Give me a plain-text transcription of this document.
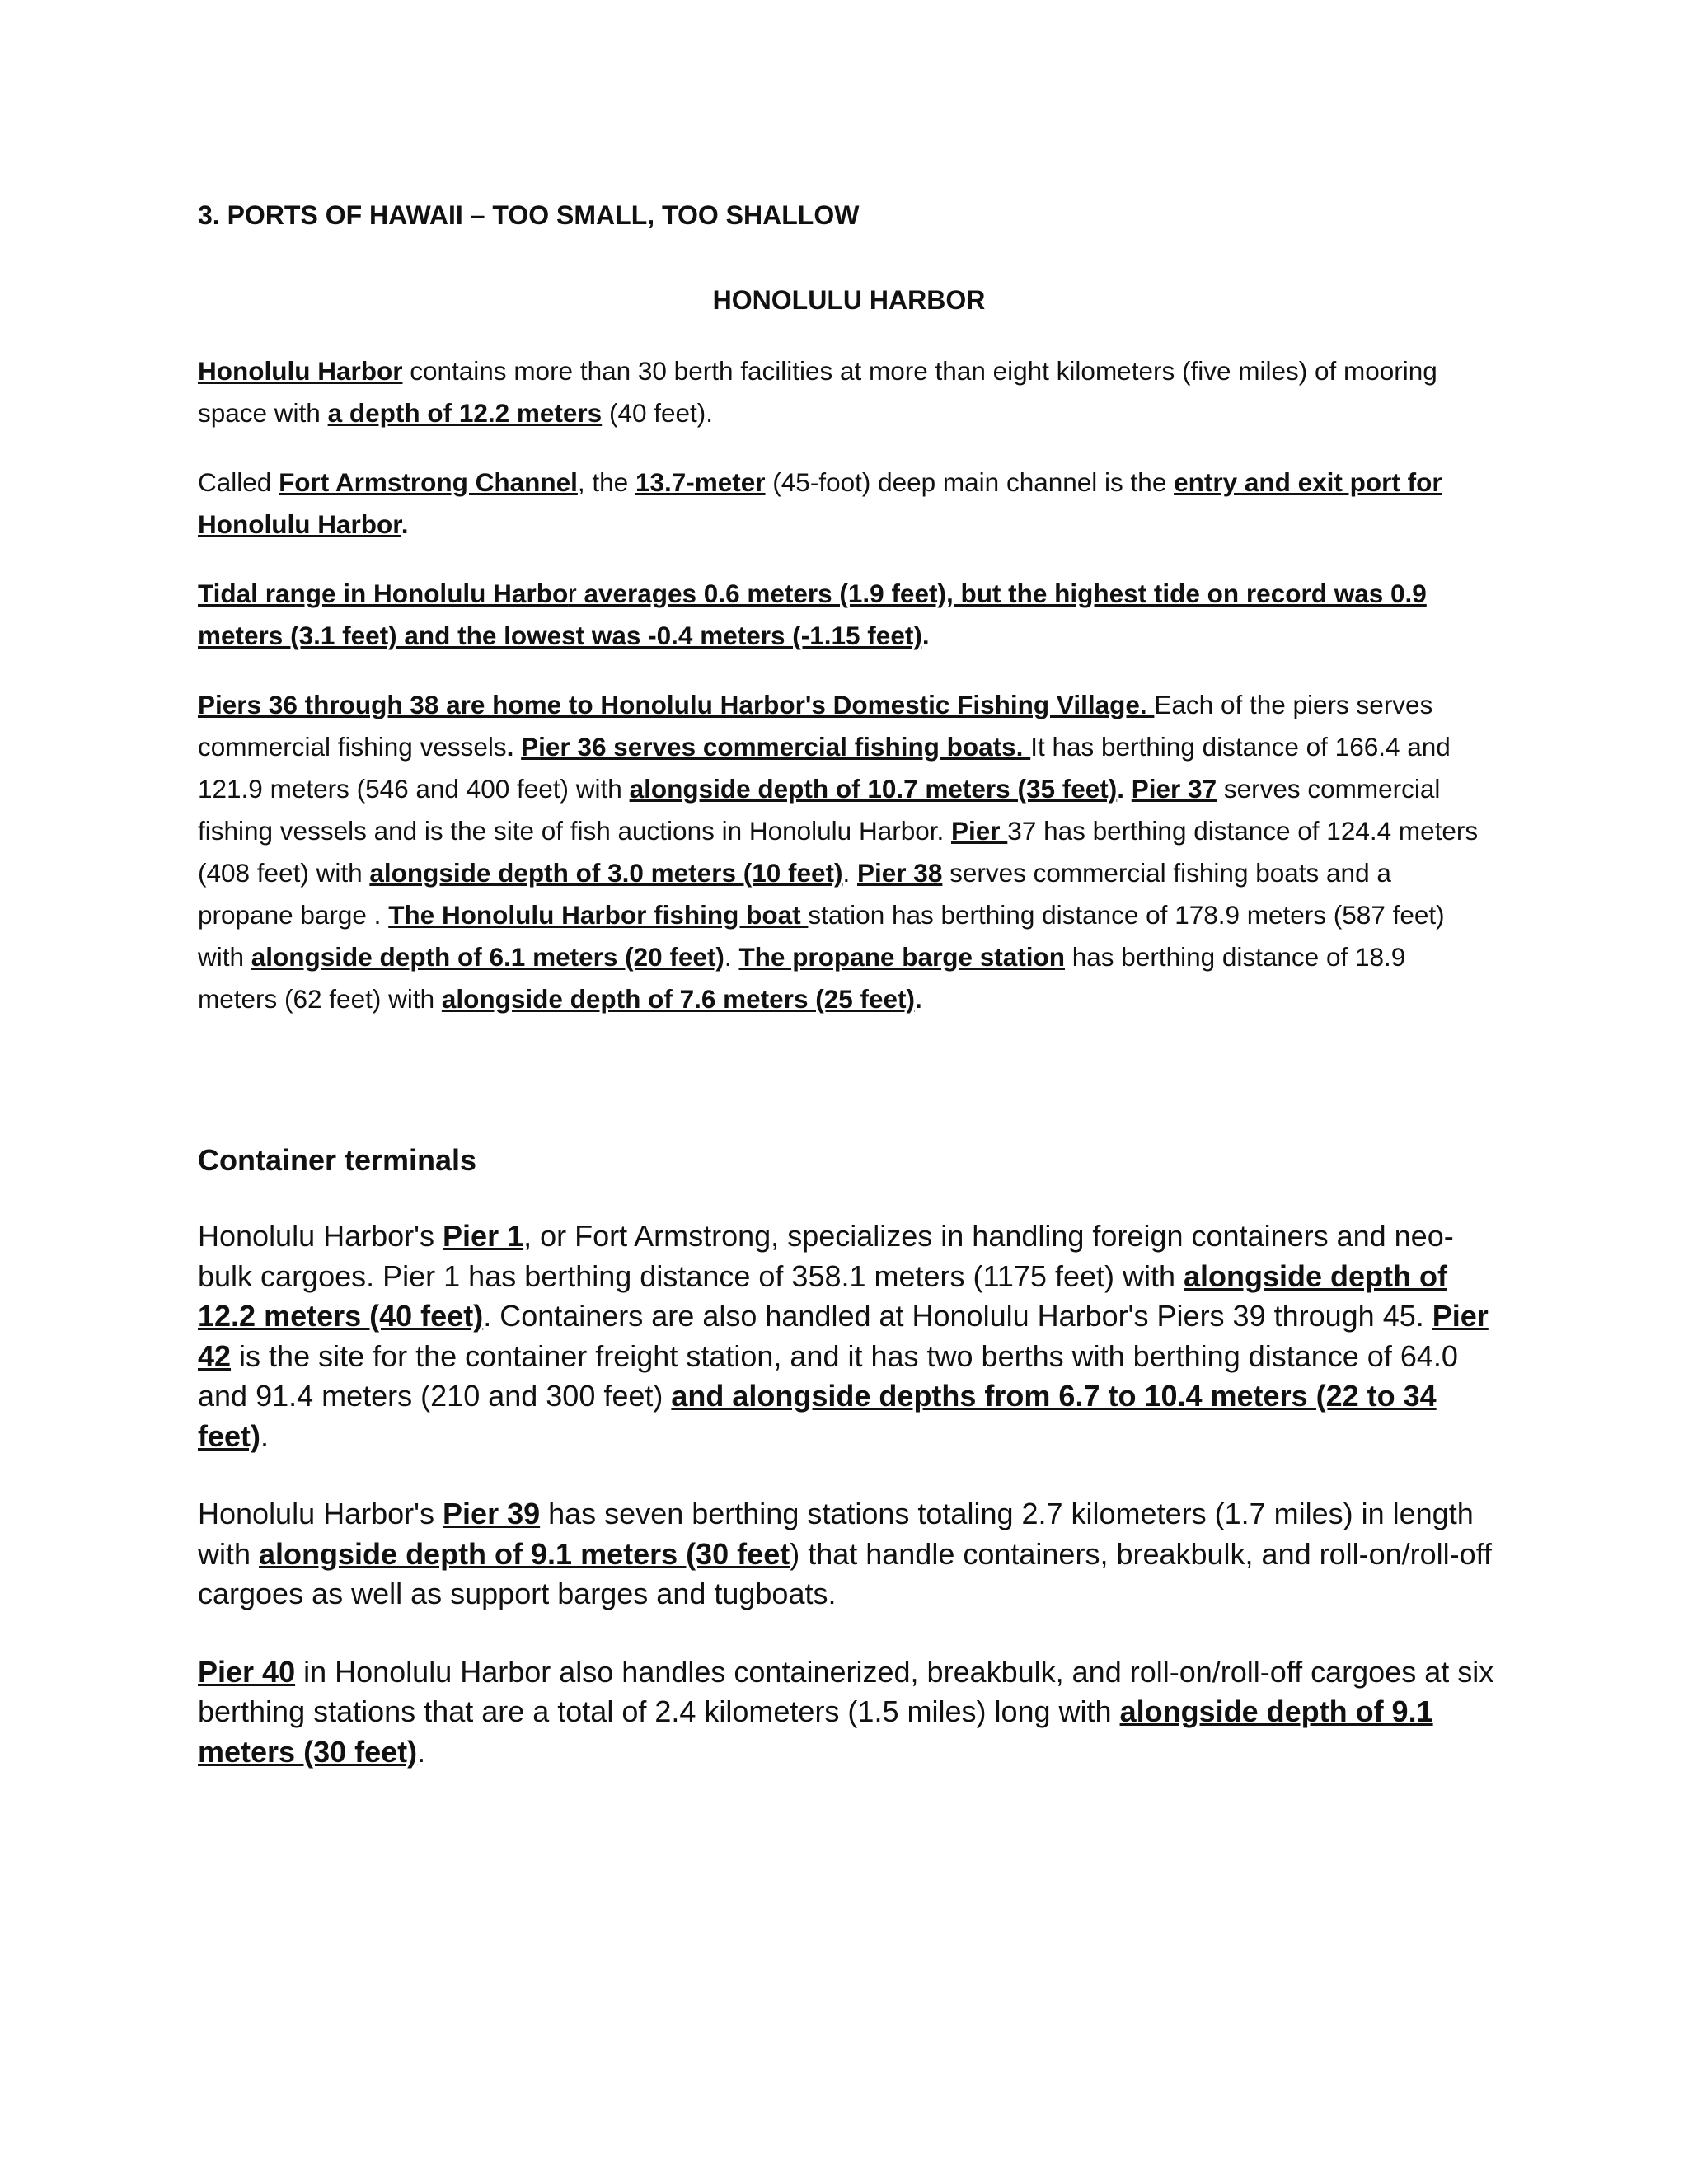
3. PORTS OF HAWAII – TOO SMALL, TOO SHALLOW
HONOLULU HARBOR

Honolulu Harbor contains more than 30 berth facilities at more than eight kilometers (five miles) of mooring space with a depth of 12.2 meters (40 feet).

Called Fort Armstrong Channel, the 13.7-meter (45-foot) deep main channel is the entry and exit port for Honolulu Harbor.

Tidal range in Honolulu Harbor averages 0.6 meters (1.9 feet), but the highest tide on record was 0.9 meters (3.1 feet) and the lowest was -0.4 meters (-1.15 feet).

Piers 36 through 38 are home to Honolulu Harbor's Domestic Fishing Village. Each of the piers serves commercial fishing vessels. Pier 36 serves commercial fishing boats. It has berthing distance of 166.4 and 121.9 meters (546 and 400 feet) with alongside depth of 10.7 meters (35 feet). Pier 37 serves commercial fishing vessels and is the site of fish auctions in Honolulu Harbor. Pier 37 has berthing distance of 124.4 meters (408 feet) with alongside depth of 3.0 meters (10 feet). Pier 38 serves commercial fishing boats and a propane barge . The Honolulu Harbor fishing boat station has berthing distance of 178.9 meters (587 feet) with alongside depth of 6.1 meters (20 feet). The propane barge station has berthing distance of 18.9 meters (62 feet) with alongside depth of 7.6 meters (25 feet).

Container terminals

Honolulu Harbor's Pier 1, or Fort Armstrong, specializes in handling foreign containers and neo-bulk cargoes. Pier 1 has berthing distance of 358.1 meters (1175 feet) with alongside depth of 12.2 meters (40 feet). Containers are also handled at Honolulu Harbor's Piers 39 through 45. Pier 42 is the site for the container freight station, and it has two berths with berthing distance of 64.0 and 91.4 meters (210 and 300 feet) and alongside depths from 6.7 to 10.4 meters (22 to 34 feet).

Honolulu Harbor's Pier 39 has seven berthing stations totaling 2.7 kilometers (1.7 miles) in length with alongside depth of 9.1 meters (30 feet) that handle containers, breakbulk, and roll-on/roll-off cargoes as well as support barges and tugboats.

Pier 40 in Honolulu Harbor also handles containerized, breakbulk, and roll-on/roll-off cargoes at six berthing stations that are a total of 2.4 kilometers (1.5 miles) long with alongside depth of 9.1 meters (30 feet).
